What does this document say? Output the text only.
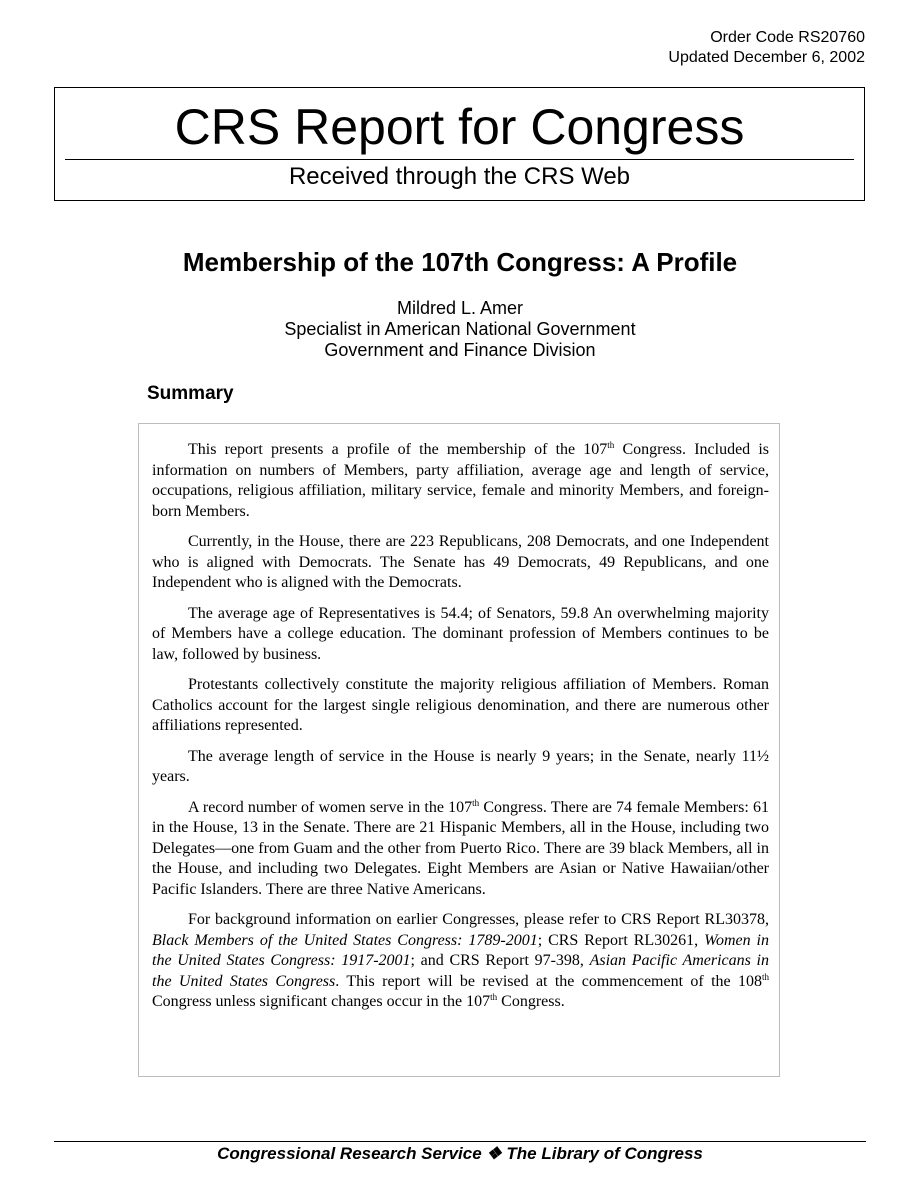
Order Code RS20760
Updated December 6, 2002
CRS Report for Congress
Received through the CRS Web
Membership of the 107th Congress: A Profile
Mildred L. Amer
Specialist in American National Government
Government and Finance Division
Summary

This report presents a profile of the membership of the 107th Congress. Included is information on numbers of Members, party affiliation, average age and length of service, occupations, religious affiliation, military service, female and minority Members, and foreign-born Members.

Currently, in the House, there are 223 Republicans, 208 Democrats, and one Independent who is aligned with Democrats. The Senate has 49 Democrats, 49 Republicans, and one Independent who is aligned with the Democrats.

The average age of Representatives is 54.4; of Senators, 59.8 An overwhelming majority of Members have a college education. The dominant profession of Members continues to be law, followed by business.

Protestants collectively constitute the majority religious affiliation of Members. Roman Catholics account for the largest single religious denomination, and there are numerous other affiliations represented.

The average length of service in the House is nearly 9 years; in the Senate, nearly 11½ years.

A record number of women serve in the 107th Congress. There are 74 female Members: 61 in the House, 13 in the Senate. There are 21 Hispanic Members, all in the House, including two Delegates—one from Guam and the other from Puerto Rico. There are 39 black Members, all in the House, and including two Delegates. Eight Members are Asian or Native Hawaiian/other Pacific Islanders. There are three Native Americans.

For background information on earlier Congresses, please refer to CRS Report RL30378, Black Members of the United States Congress: 1789-2001; CRS Report RL30261, Women in the United States Congress: 1917-2001; and CRS Report 97-398, Asian Pacific Americans in the United States Congress. This report will be revised at the commencement of the 108th Congress unless significant changes occur in the 107th Congress.

Congressional Research Service ❖ The Library of Congress
